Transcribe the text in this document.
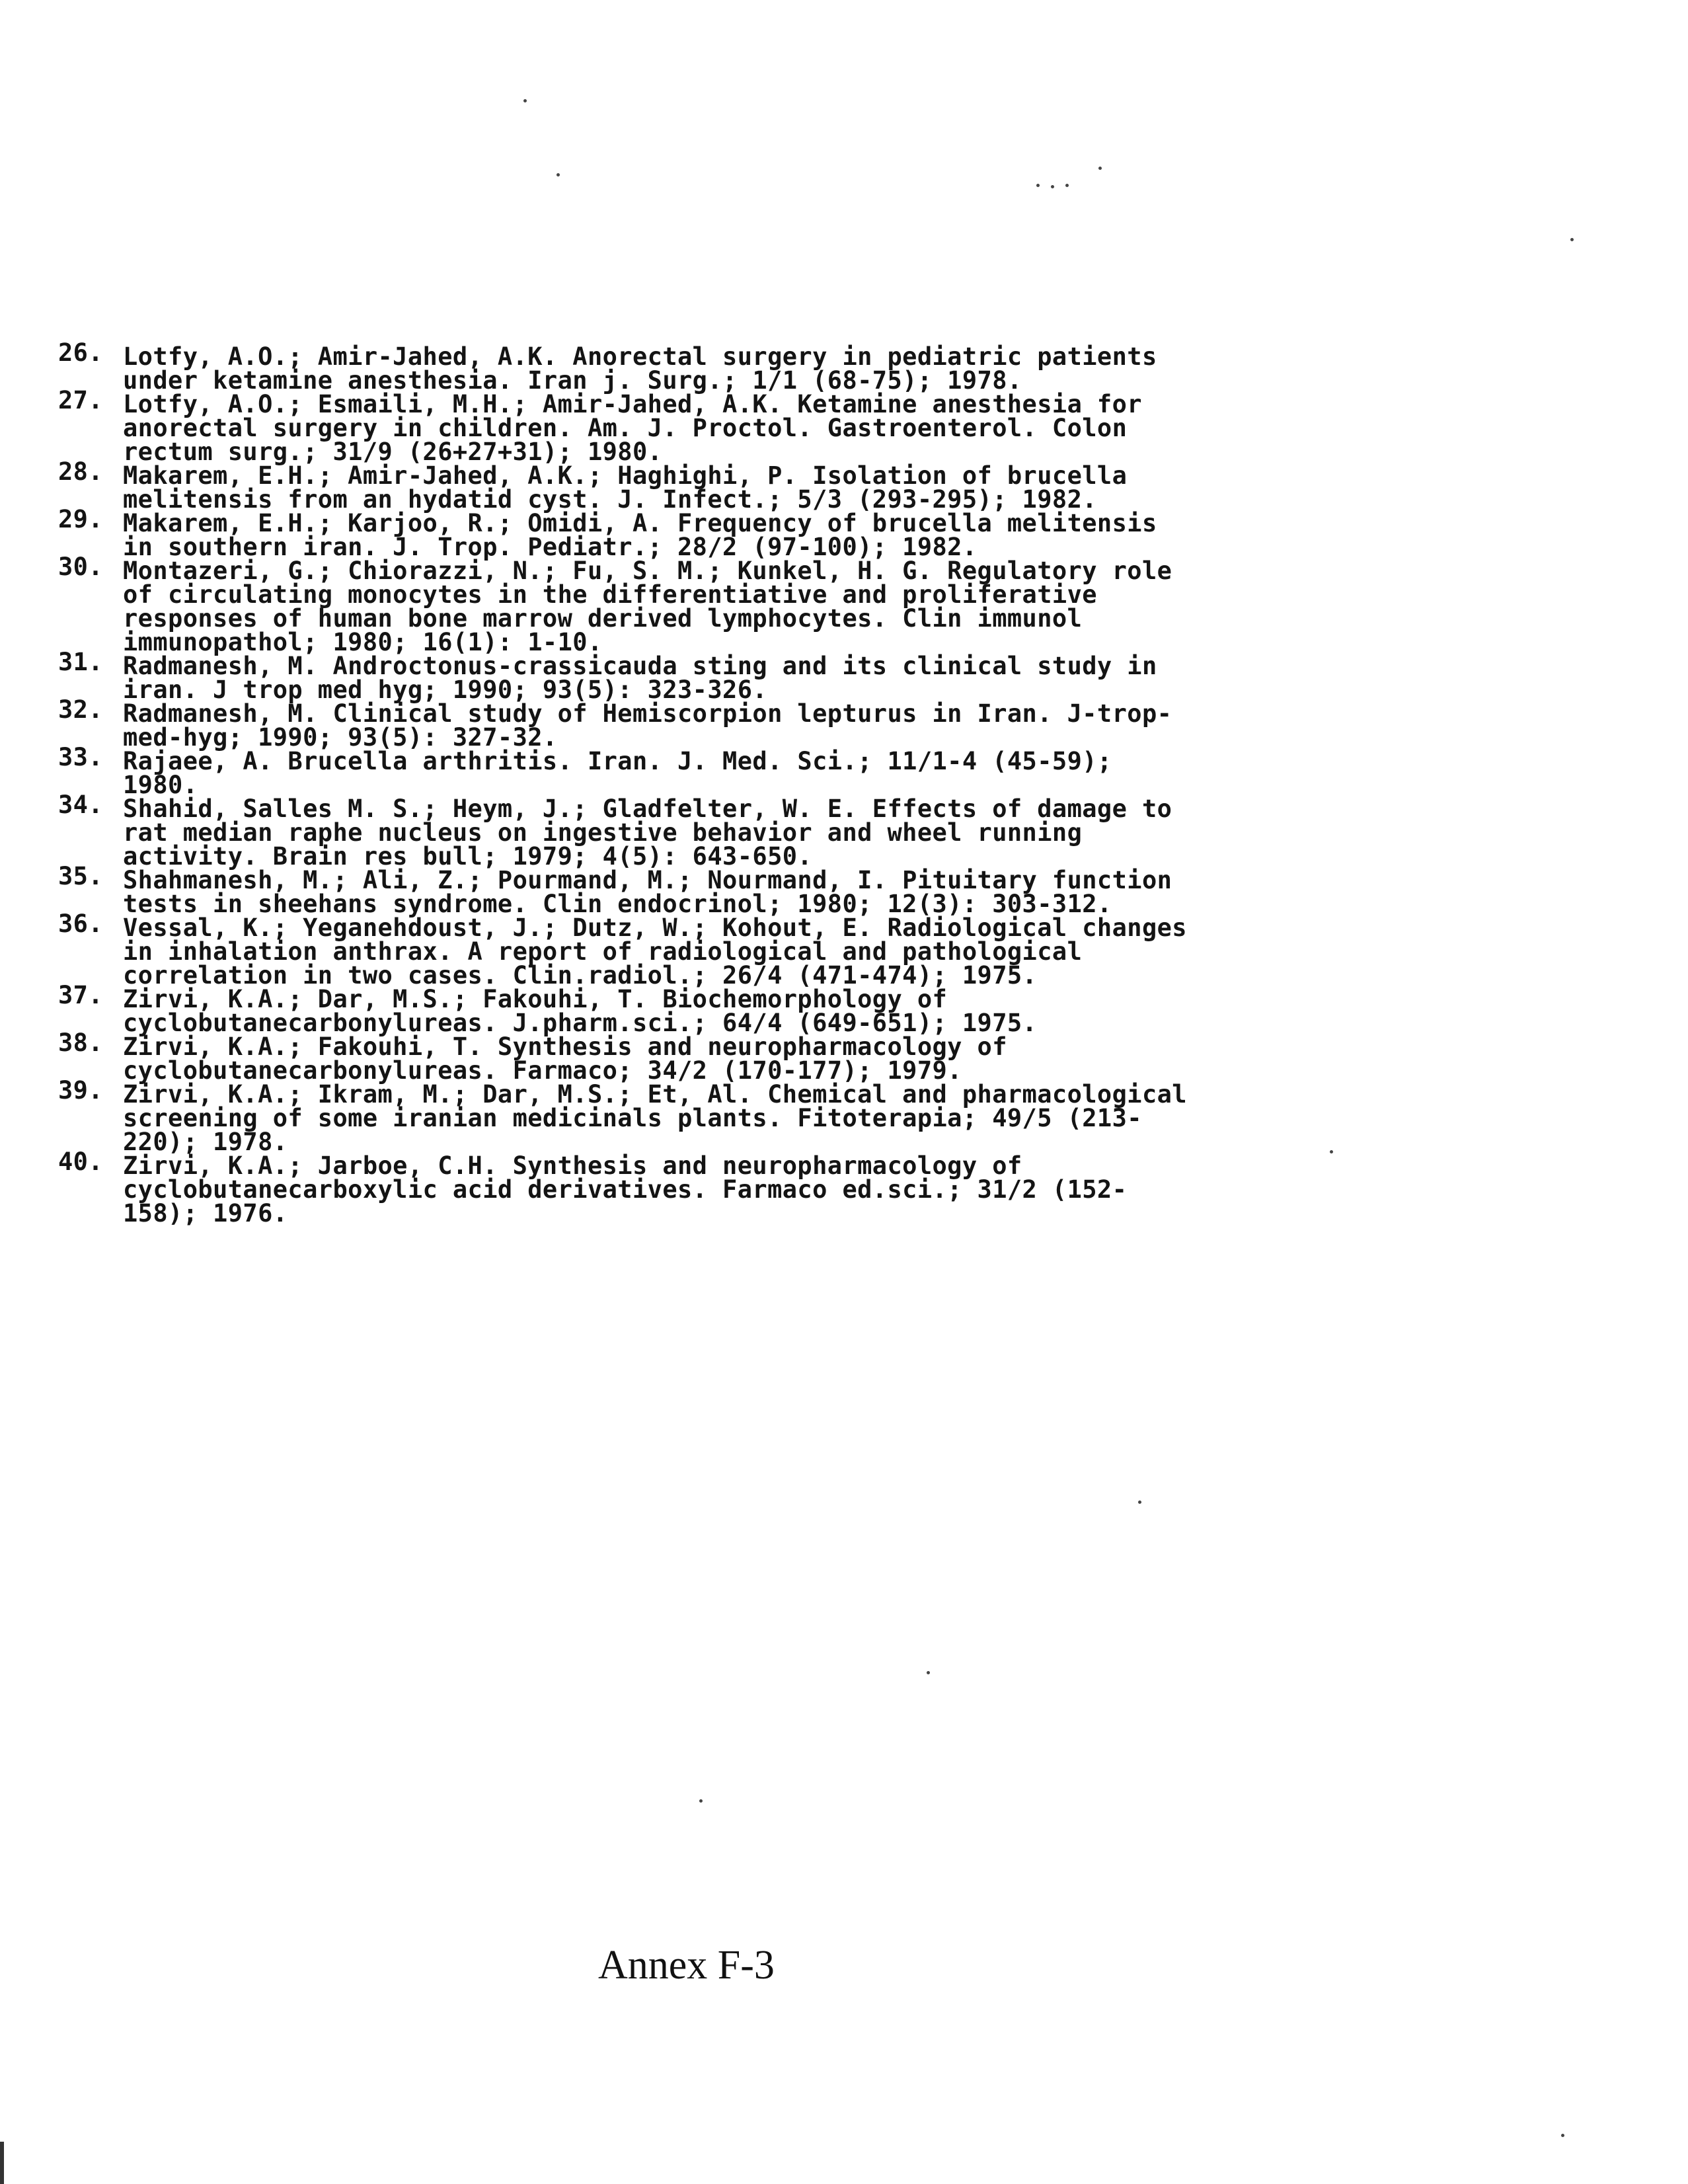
26. Lotfy, A.O.; Amir-Jahed, A.K. Anorectal surgery in pediatric patients
under ketamine anesthesia. Iran j. Surg.; 1/1 (68-75); 1978.
27. Lotfy, A.O.; Esmaili, M.H.; Amir-Jahed, A.K. Ketamine anesthesia for
anorectal surgery in children. Am. J. Proctol. Gastroenterol. Colon
rectum surg.; 31/9 (26+27+31); 1980.
28. Makarem, E.H.; Amir-Jahed, A.K.; Haghighi, P. Isolation of brucella
melitensis from an hydatid cyst. J. Infect.; 5/3 (293-295); 1982.
29. Makarem, E.H.; Karjoo, R.; Omidi, A. Frequency of brucella melitensis
in southern iran. J. Trop. Pediatr.; 28/2 (97-100); 1982.
30. Montazeri, G.; Chiorazzi, N.; Fu, S. M.; Kunkel, H. G. Regulatory role
of circulating monocytes in the differentiative and proliferative
responses of human bone marrow derived lymphocytes. Clin immunol
immunopathol; 1980; 16(1): 1-10.
31. Radmanesh, M. Androctonus-crassicauda sting and its clinical study in
iran. J trop med hyg; 1990; 93(5): 323-326.
32. Radmanesh, M. Clinical study of Hemiscorpion lepturus in Iran. J-trop-
med-hyg; 1990; 93(5): 327-32.
33. Rajaee, A. Brucella arthritis. Iran. J. Med. Sci.; 11/1-4 (45-59);
1980.
34. Shahid, Salles M. S.; Heym, J.; Gladfelter, W. E. Effects of damage to
rat median raphe nucleus on ingestive behavior and wheel running
activity. Brain res bull; 1979; 4(5): 643-650.
35. Shahmanesh, M.; Ali, Z.; Pourmand, M.; Nourmand, I. Pituitary function
tests in sheehans syndrome. Clin endocrinol; 1980; 12(3): 303-312.
36. Vessal, K.; Yeganehdoust, J.; Dutz, W.; Kohout, E. Radiological changes
in inhalation anthrax. A report of radiological and pathological
correlation in two cases. Clin.radiol.; 26/4 (471-474); 1975.
37. Zirvi, K.A.; Dar, M.S.; Fakouhi, T. Biochemorphology of
cyclobutanecarbonylureas. J.pharm.sci.; 64/4 (649-651); 1975.
38. Zirvi, K.A.; Fakouhi, T. Synthesis and neuropharmacology of
cyclobutanecarbonylureas. Farmaco; 34/2 (170-177); 1979.
39. Zirvi, K.A.; Ikram, M.; Dar, M.S.; Et, Al. Chemical and pharmacological
screening of some iranian medicinals plants. Fitoterapia; 49/5 (213-
220); 1978.
40. Zirvi, K.A.; Jarboe, C.H. Synthesis and neuropharmacology of
cyclobutanecarboxylic acid derivatives. Farmaco ed.sci.; 31/2 (152-
158); 1976.
Annex F-3
